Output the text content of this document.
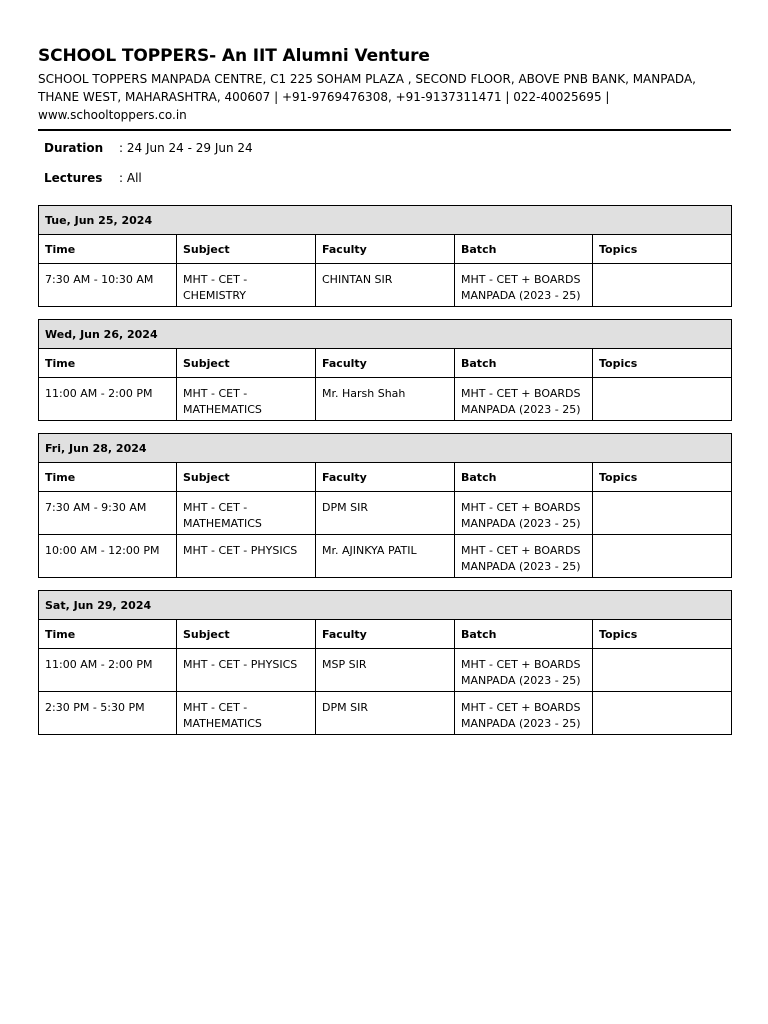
SCHOOL TOPPERS- An IIT Alumni Venture
SCHOOL TOPPERS MANPADA CENTRE, C1 225 SOHAM PLAZA , SECOND FLOOR, ABOVE PNB BANK, MANPADA,
THANE WEST, MAHARASHTRA, 400607 | +91-9769476308, +91-9137311471 | 022-40025695 |
www.schooltoppers.co.in
Duration	: 24 Jun 24 - 29 Jun 24
Lectures	: All
Tue, Jun 25, 2024				
Time	Subject	Faculty	Batch	Topics
7:30 AM - 10:30 AM	MHT - CET - CHEMISTRY	CHINTAN SIR	MHT - CET + BOARDS MANPADA (2023 - 25)	
Wed, Jun 26, 2024				
Time	Subject	Faculty	Batch	Topics
11:00 AM - 2:00 PM	MHT - CET - MATHEMATICS	Mr. Harsh Shah	MHT - CET + BOARDS MANPADA (2023 - 25)	
Fri, Jun 28, 2024				
Time	Subject	Faculty	Batch	Topics
7:30 AM - 9:30 AM	MHT - CET - MATHEMATICS	DPM SIR	MHT - CET + BOARDS MANPADA (2023 - 25)	
10:00 AM - 12:00 PM	MHT - CET - PHYSICS	Mr. AJINKYA PATIL	MHT - CET + BOARDS MANPADA (2023 - 25)	
Sat, Jun 29, 2024				
Time	Subject	Faculty	Batch	Topics
11:00 AM - 2:00 PM	MHT - CET - PHYSICS	MSP SIR	MHT - CET + BOARDS MANPADA (2023 - 25)	
2:30 PM - 5:30 PM	MHT - CET - MATHEMATICS	DPM SIR	MHT - CET + BOARDS MANPADA (2023 - 25)	
